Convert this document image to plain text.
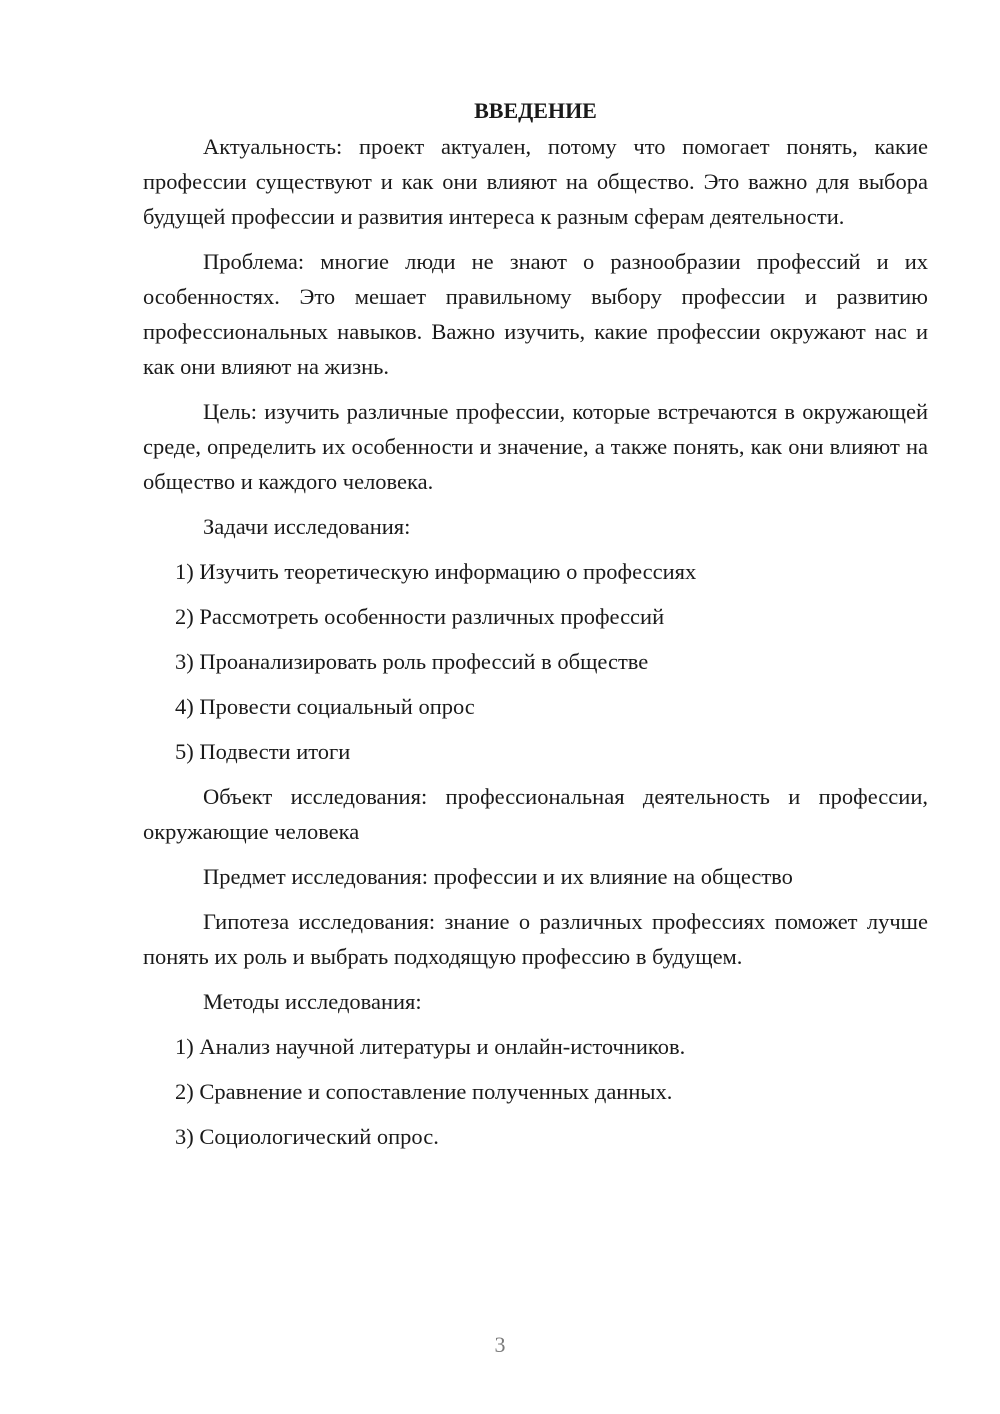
ВВЕДЕНИЕ

Актуальность: проект актуален, потому что помогает понять, какие профессии существуют и как они влияют на общество. Это важно для выбора будущей профессии и развития интереса к разным сферам деятельности.

Проблема: многие люди не знают о разнообразии профессий и их особенностях. Это мешает правильному выбору профессии и развитию профессиональных навыков. Важно изучить, какие профессии окружают нас и как они влияют на жизнь.

Цель: изучить различные профессии, которые встречаются в окружающей среде, определить их особенности и значение, а также понять, как они влияют на общество и каждого человека.

Задачи исследования:

1) Изучить теоретическую информацию о профессиях

2) Рассмотреть особенности различных профессий

3) Проанализировать роль профессий в обществе

4) Провести социальный опрос

5) Подвести итоги

Объект исследования: профессиональная деятельность и профессии, окружающие человека

Предмет исследования: профессии и их влияние на общество

Гипотеза исследования: знание о различных профессиях поможет лучше понять их роль и выбрать подходящую профессию в будущем.

Методы исследования:

1) Анализ научной литературы и онлайн-источников.

2) Сравнение и сопоставление полученных данных.

3) Социологический опрос.

3
